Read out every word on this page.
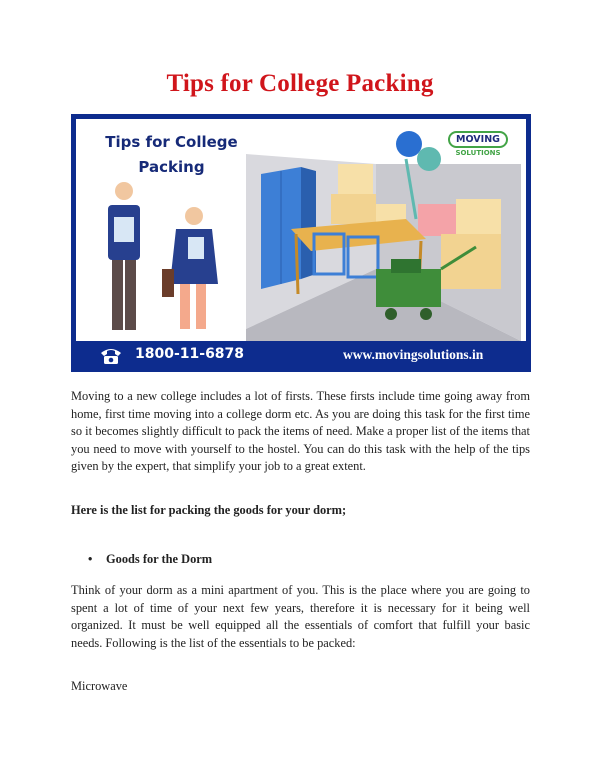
Tips for College Packing
Tips for College
Packing
MOVING
SOLUTIONS
1800-11-6878	www.movingsolutions.in

Moving to a new college includes a lot of firsts. These firsts include time going away from home, first time moving into a college dorm etc. As you are doing this task for the first time so it becomes slightly difficult to pack the items of need. Make a proper list of the items that you need to move with yourself to the hostel. You can do this task with the help of the tips given by the expert, that simplify your job to a great extent.

Here is the list for packing the goods for your dorm;

• Goods for the Dorm

Think of your dorm as a mini apartment of you. This is the place where you are going to spent a lot of time of your next few years, therefore it is necessary for it being well organized. It must be well equipped all the essentials of comfort that fulfill your basic needs. Following is the list of the essentials to be packed:

Microwave
